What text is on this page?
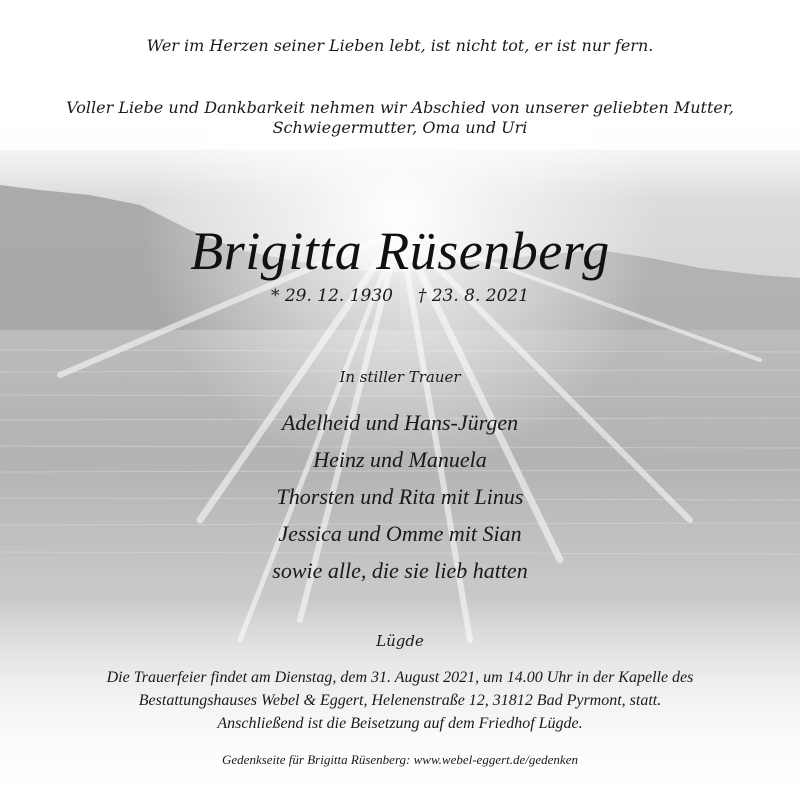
Wer im Herzen seiner Lieben lebt, ist nicht tot, er ist nur fern.

Voller Liebe und Dankbarkeit nehmen wir Abschied von unserer geliebten Mutter,
Schwiegermutter, Oma und Uri

Brigitta Rüsenberg

* 29. 12. 1930 † 23. 8. 2021

In stiller Trauer

Adelheid und Hans-Jürgen
Heinz und Manuela
Thorsten und Rita mit Linus
Jessica und Omme mit Sian
sowie alle, die sie lieb hatten

Lügde

Die Trauerfeier findet am Dienstag, dem 31. August 2021, um 14.00 Uhr in der Kapelle des
Bestattungshauses Webel & Eggert, Helenenstraße 12, 31812 Bad Pyrmont, statt.
Anschließend ist die Beisetzung auf dem Friedhof Lügde.

Gedenkseite für Brigitta Rüsenberg: www.webel-eggert.de/gedenken
